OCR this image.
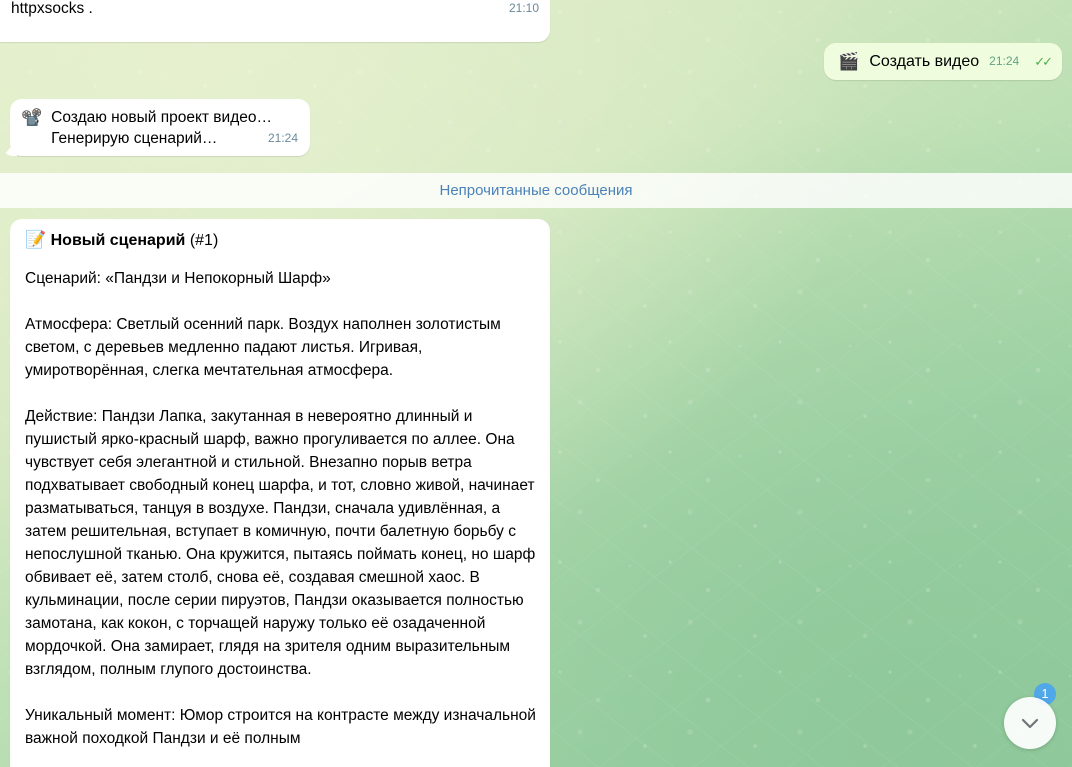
httpxsocks .	21:10
🎬 Создать видео 21:24 ✓✓
📽️ Создаю новый проект видео…
Генерирую сценарий…	21:24
Непрочитанные сообщения
📝 Новый сценарий (#1)

Сценарий: «Пандзи и Непокорный Шарф»

Атмосфера: Светлый осенний парк. Воздух наполнен золотистым светом, с деревьев медленно падают листья. Игривая, умиротворённая, слегка мечтательная атмосфера.

Действие: Пандзи Лапка, закутанная в невероятно длинный и пушистый ярко-красный шарф, важно прогуливается по аллее. Она чувствует себя элегантной и стильной. Внезапно порыв ветра подхватывает свободный конец шарфа, и тот, словно живой, начинает разматываться, танцуя в воздухе. Пандзи, сначала удивлённая, а затем решительная, вступает в комичную, почти балетную борьбу с непослушной тканью. Она кружится, пытаясь поймать конец, но шарф обвивает её, затем столб, снова её, создавая смешной хаос. В кульминации, после серии пируэтов, Пандзи оказывается полностью замотана, как кокон, с торчащей наружу только её озадаченной мордочкой. Она замирает, глядя на зрителя одним выразительным взглядом, полным глупого достоинства.

Уникальный момент: Юмор строится на контрасте между изначальной важной походкой Пандзи и её полным

1
